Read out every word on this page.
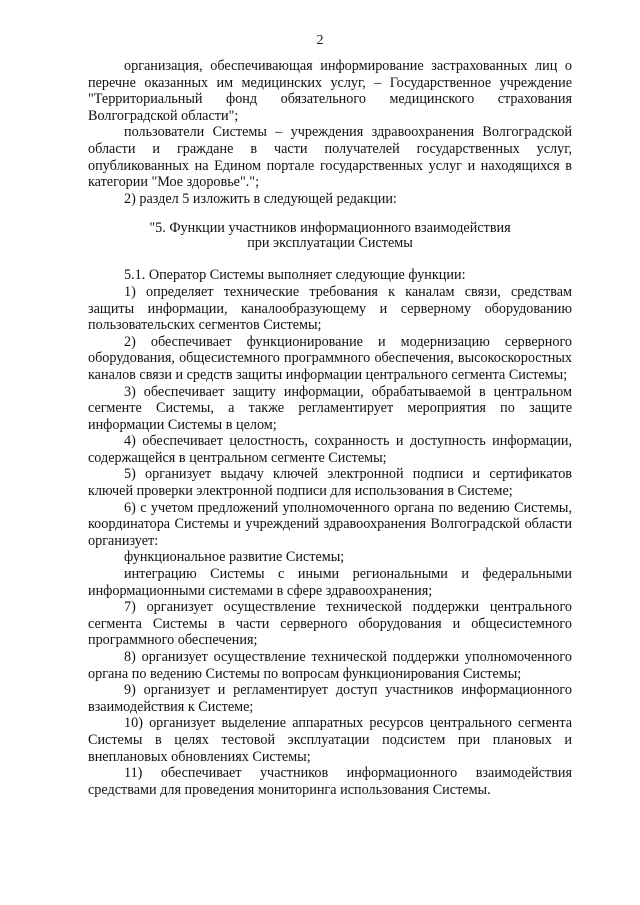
2

организация, обеспечивающая информирование застрахованных лиц о перечне оказанных им медицинских услуг, – Государственное учреждение "Территориальный фонд обязательного медицинского страхования Волгоградской области";

пользователи Системы – учреждения здравоохранения Волгоградской области и граждане в части получателей государственных услуг, опубликованных на Едином портале государственных услуг и находящихся в категории "Мое здоровье".";

2) раздел 5 изложить в следующей редакции:

"5. Функции участников информационного взаимодействия
при эксплуатации Системы

5.1. Оператор Системы выполняет следующие функции:

1) определяет технические требования к каналам связи, средствам защиты информации, каналообразующему и серверному оборудованию пользовательских сегментов Системы;

2) обеспечивает функционирование и модернизацию серверного оборудования, общесистемного программного обеспечения, высокоскоростных каналов связи и средств защиты информации центрального сегмента Системы;

3) обеспечивает защиту информации, обрабатываемой в центральном сегменте Системы, а также регламентирует мероприятия по защите информации Системы в целом;

4) обеспечивает целостность, сохранность и доступность информации, содержащейся в центральном сегменте Системы;

5) организует выдачу ключей электронной подписи и сертификатов ключей проверки электронной подписи для использования в Системе;

6) с учетом предложений уполномоченного органа по ведению Системы, координатора Системы и учреждений здравоохранения Волгоградской области организует:

функциональное развитие Системы;

интеграцию Системы с иными региональными и федеральными информационными системами в сфере здравоохранения;

7) организует осуществление технической поддержки центрального сегмента Системы в части серверного оборудования и общесистемного программного обеспечения;

8) организует осуществление технической поддержки уполномоченного органа по ведению Системы по вопросам функционирования Системы;

9) организует и регламентирует доступ участников информационного взаимодействия к Системе;

10) организует выделение аппаратных ресурсов центрального сегмента Системы в целях тестовой эксплуатации подсистем при плановых и внеплановых обновлениях Системы;

11) обеспечивает участников информационного взаимодействия средствами для проведения мониторинга использования Системы.
